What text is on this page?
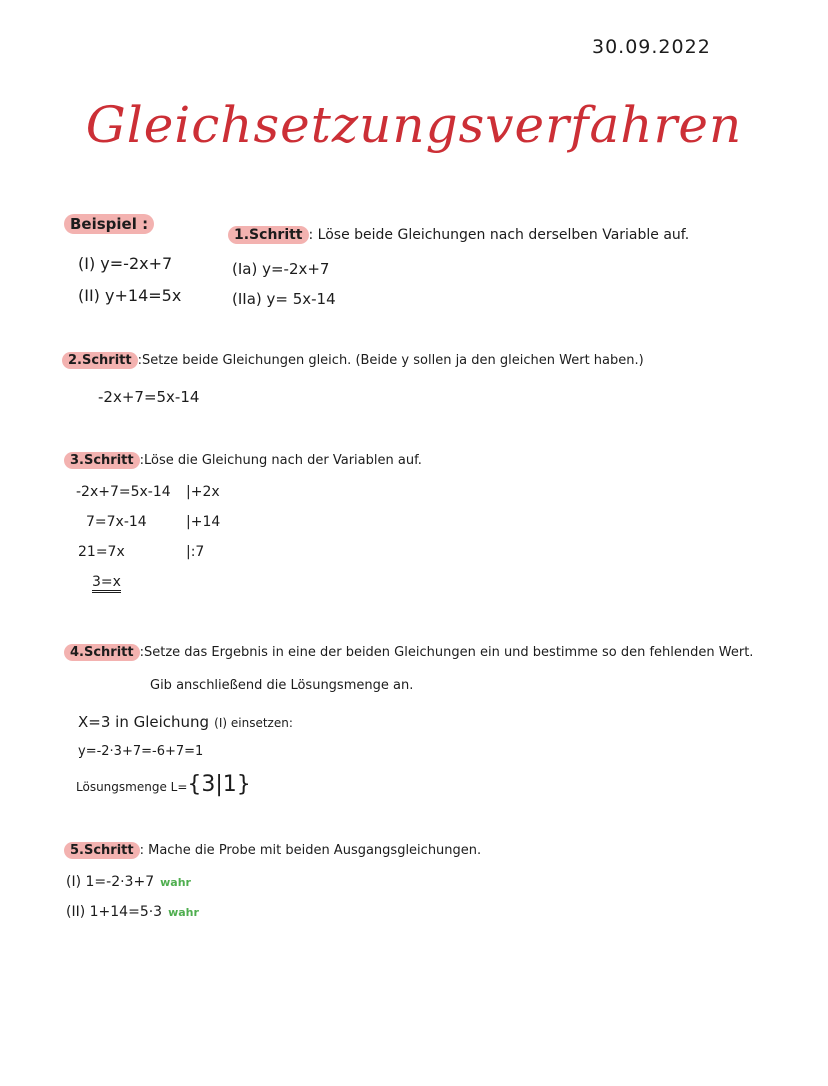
30.09.2022
Gleichsetzungsverfahren
Beispiel :
(I) y=-2x+7
(II) y+14=5x
1.Schritt : Löse beide Gleichungen nach derselben Variable auf.
(Ia) y=-2x+7
(IIa) y= 5x-14
2.Schritt :Setze beide Gleichungen gleich. (Beide y sollen ja den gleichen Wert haben.)
-2x+7=5x-14
3.Schritt :Löse die Gleichung nach der Variablen auf.
-2x+7=5x-14 |+2x
7=7x-14	|+14
21=7x	|:7
3=x
4.Schritt :Setze das Ergebnis in eine der beiden Gleichungen ein und bestimme so den fehlenden Wert.
Gib anschließend die Lösungsmenge an.
X=3 in Gleichung (I) einsetzen:
y=-2·3+7=-6+7=1
Lösungsmenge L={3|1}
5.Schritt : Mache die Probe mit beiden Ausgangsgleichungen.
(I) 1=-2·3+7 wahr
(II) 1+14=5·3 wahr
